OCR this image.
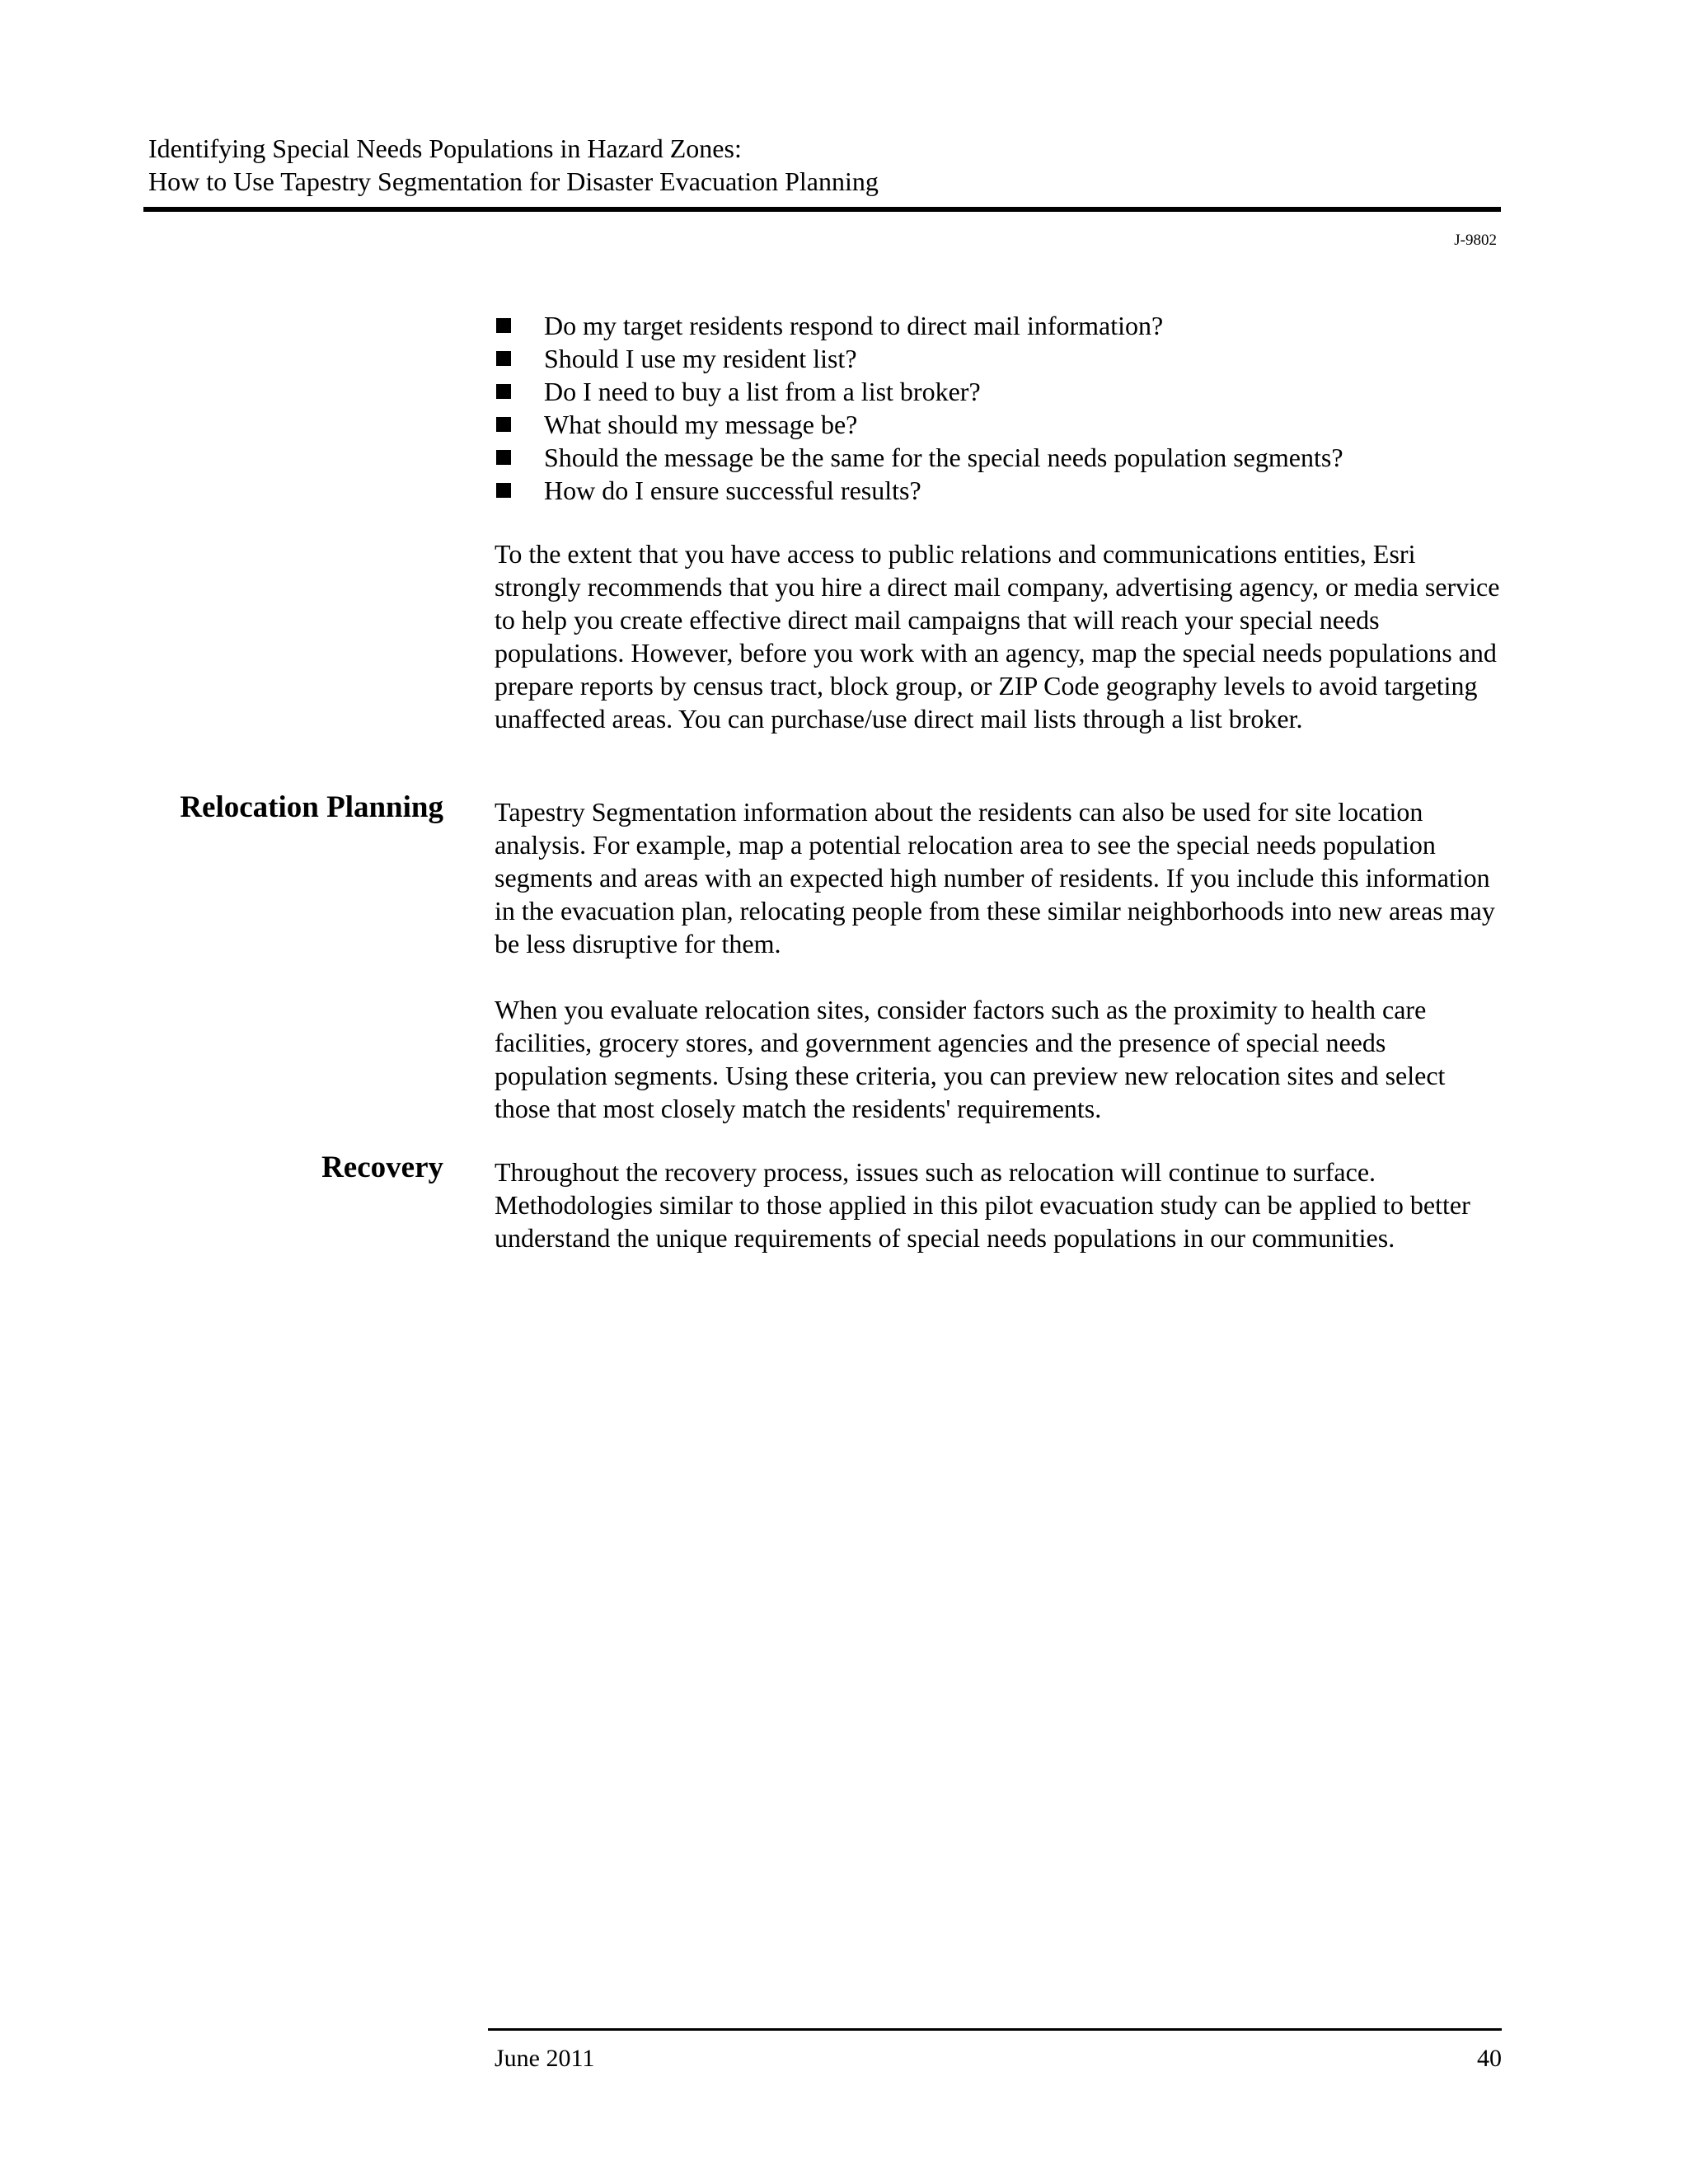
Identifying Special Needs Populations in Hazard Zones:
How to Use Tapestry Segmentation for Disaster Evacuation Planning
J-9802
Do my target residents respond to direct mail information?
Should I use my resident list?
Do I need to buy a list from a list broker?
What should my message be?
Should the message be the same for the special needs population segments?
How do I ensure successful results?

To the extent that you have access to public relations and communications entities, Esri strongly recommends that you hire a direct mail company, advertising agency, or media service to help you create effective direct mail campaigns that will reach your special needs populations. However, before you work with an agency, map the special needs populations and prepare reports by census tract, block group, or ZIP Code geography levels to avoid targeting unaffected areas. You can purchase/use direct mail lists through a list broker.

Relocation Planning Tapestry Segmentation information about the residents can also be used for site location analysis. For example, map a potential relocation area to see the special needs population segments and areas with an expected high number of residents. If you include this information in the evacuation plan, relocating people from these similar neighborhoods into new areas may be less disruptive for them.

When you evaluate relocation sites, consider factors such as the proximity to health care facilities, grocery stores, and government agencies and the presence of special needs population segments. Using these criteria, you can preview new relocation sites and select those that most closely match the residents' requirements.

Recovery Throughout the recovery process, issues such as relocation will continue to surface. Methodologies similar to those applied in this pilot evacuation study can be applied to better understand the unique requirements of special needs populations in our communities.

June 2011	40
